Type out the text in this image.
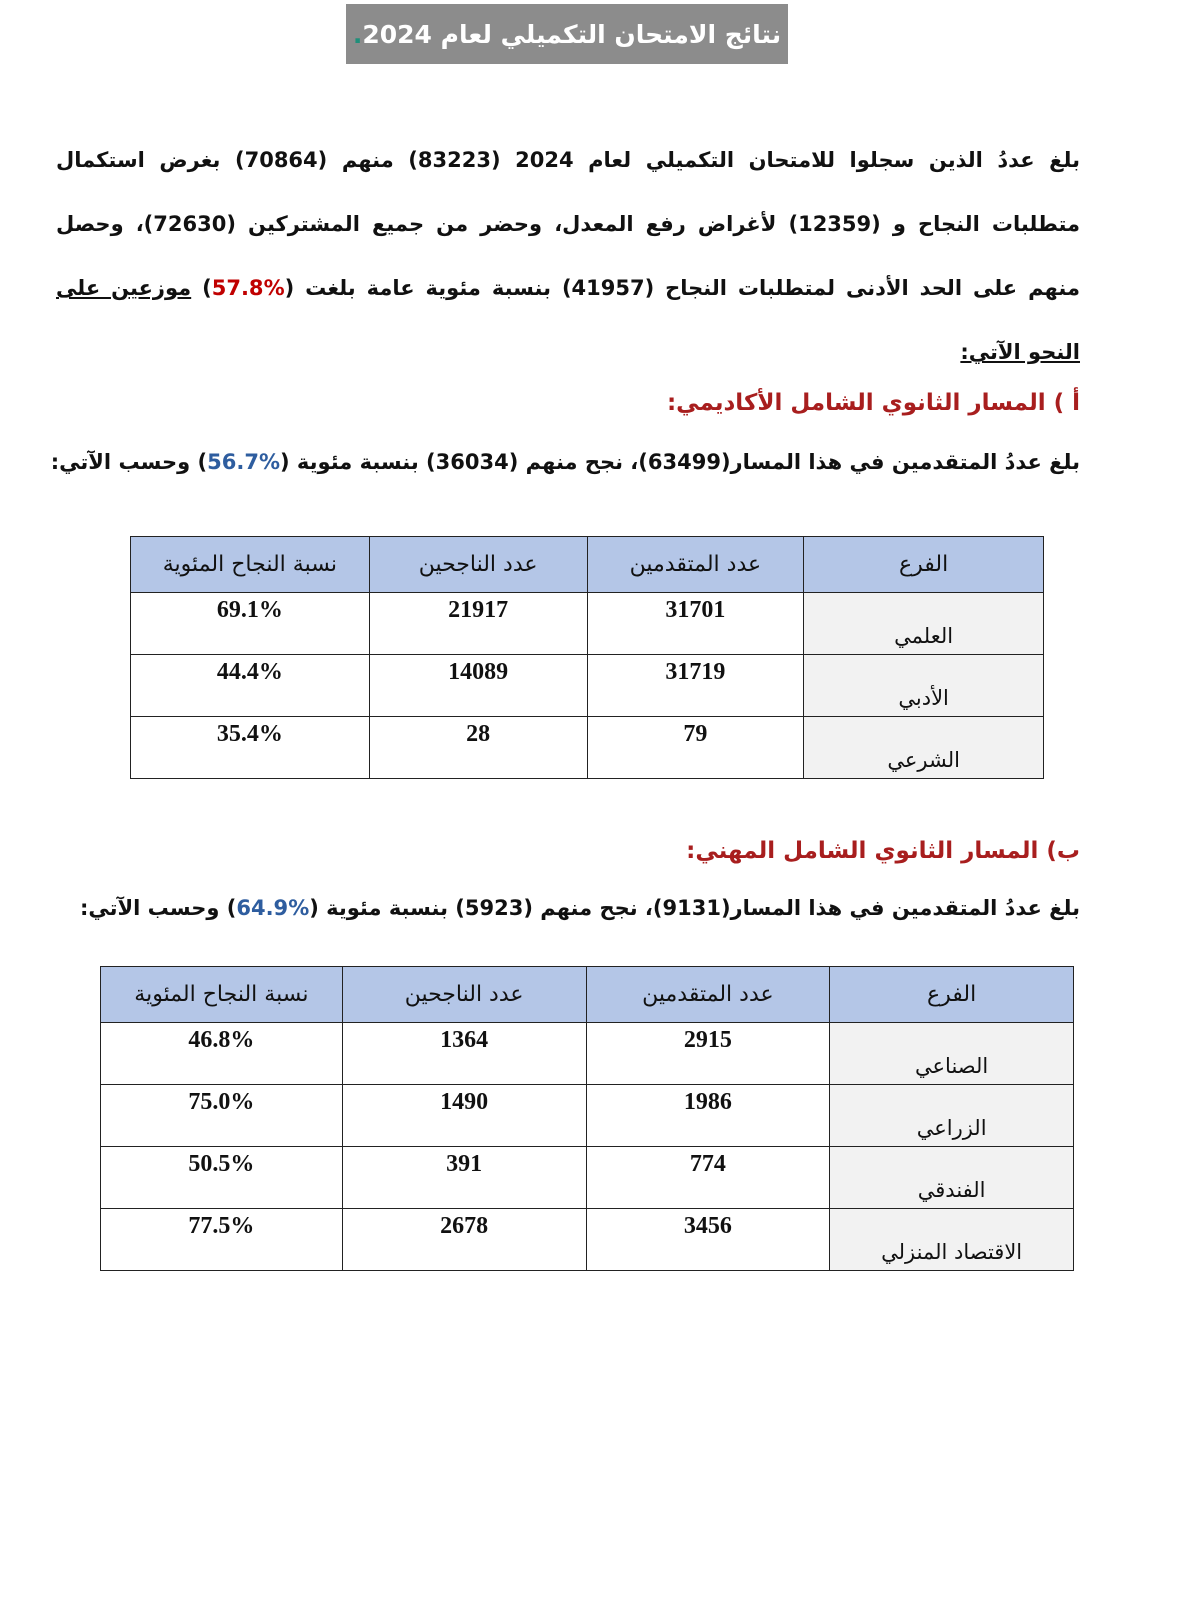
نتائج الامتحان التكميلي لعام 2024
.
بلغ عددُ الذين سجلوا للامتحان التكميلي لعام 2024 (83223) منهم (70864) بغرض استكمال متطلبات النجاح و (12359) لأغراض رفع المعدل، وحضر من جميع المشتركين (72630)، وحصل منهم على الحد الأدنى لمتطلبات النجاح (41957) بنسبة مئوية عامة بلغت (%57.8) موزعين على النحو الآتي:
أ ) المسار الثانوي الشامل الأكاديمي:
بلغ عددُ المتقدمين في هذا المسار(63499)، نجح منهم (36034) بنسبة مئوية (%56.7) وحسب الآتي:
الفرع	عدد المتقدمين	عدد الناجحين	نسبة النجاح المئوية
العلمي	31701	21917	69.1%
الأدبي	31719	14089	44.4%
الشرعي	79	28	35.4%
ب) المسار الثانوي الشامل المهني:
بلغ عددُ المتقدمين في هذا المسار(9131)، نجح منهم (5923) بنسبة مئوية (%64.9) وحسب الآتي:
الفرع	عدد المتقدمين	عدد الناجحين	نسبة النجاح المئوية
الصناعي	2915	1364	46.8%
الزراعي	1986	1490	75.0%
الفندقي	774	391	50.5%
الاقتصاد المنزلي	3456	2678	77.5%
